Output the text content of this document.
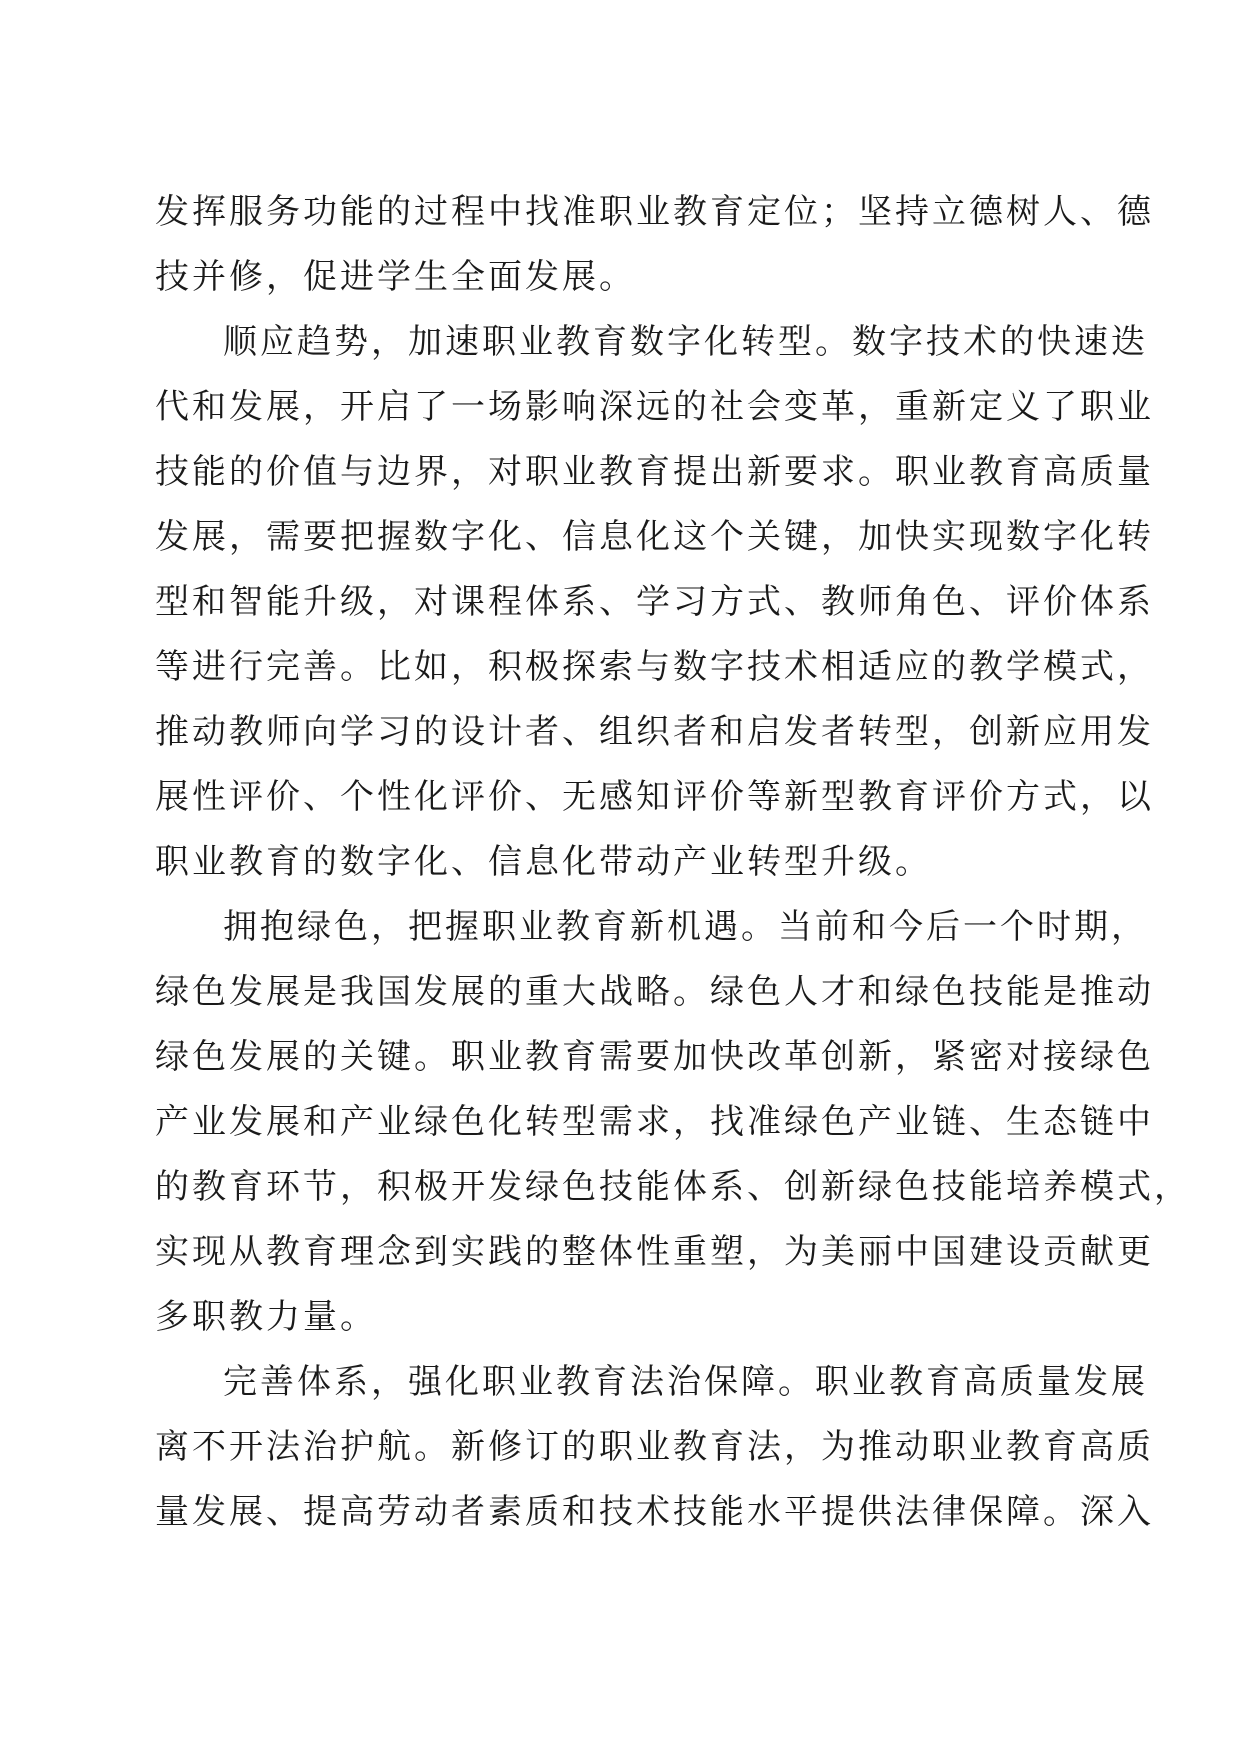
发挥服务功能的过程中找准职业教育定位；坚持立德树人、德
技并修，促进学生全面发展。
顺应趋势，加速职业教育数字化转型。数字技术的快速迭
代和发展，开启了一场影响深远的社会变革，重新定义了职业
技能的价值与边界，对职业教育提出新要求。职业教育高质量
发展，需要把握数字化、信息化这个关键，加快实现数字化转
型和智能升级，对课程体系、学习方式、教师角色、评价体系
等进行完善。比如，积极探索与数字技术相适应的教学模式，
推动教师向学习的设计者、组织者和启发者转型，创新应用发
展性评价、个性化评价、无感知评价等新型教育评价方式，以
职业教育的数字化、信息化带动产业转型升级。
拥抱绿色，把握职业教育新机遇。当前和今后一个时期，
绿色发展是我国发展的重大战略。绿色人才和绿色技能是推动
绿色发展的关键。职业教育需要加快改革创新，紧密对接绿色
产业发展和产业绿色化转型需求，找准绿色产业链、生态链中
的教育环节，积极开发绿色技能体系、创新绿色技能培养模式，
实现从教育理念到实践的整体性重塑，为美丽中国建设贡献更
多职教力量。
完善体系，强化职业教育法治保障。职业教育高质量发展
离不开法治护航。新修订的职业教育法，为推动职业教育高质
量发展、提高劳动者素质和技术技能水平提供法律保障。深入
